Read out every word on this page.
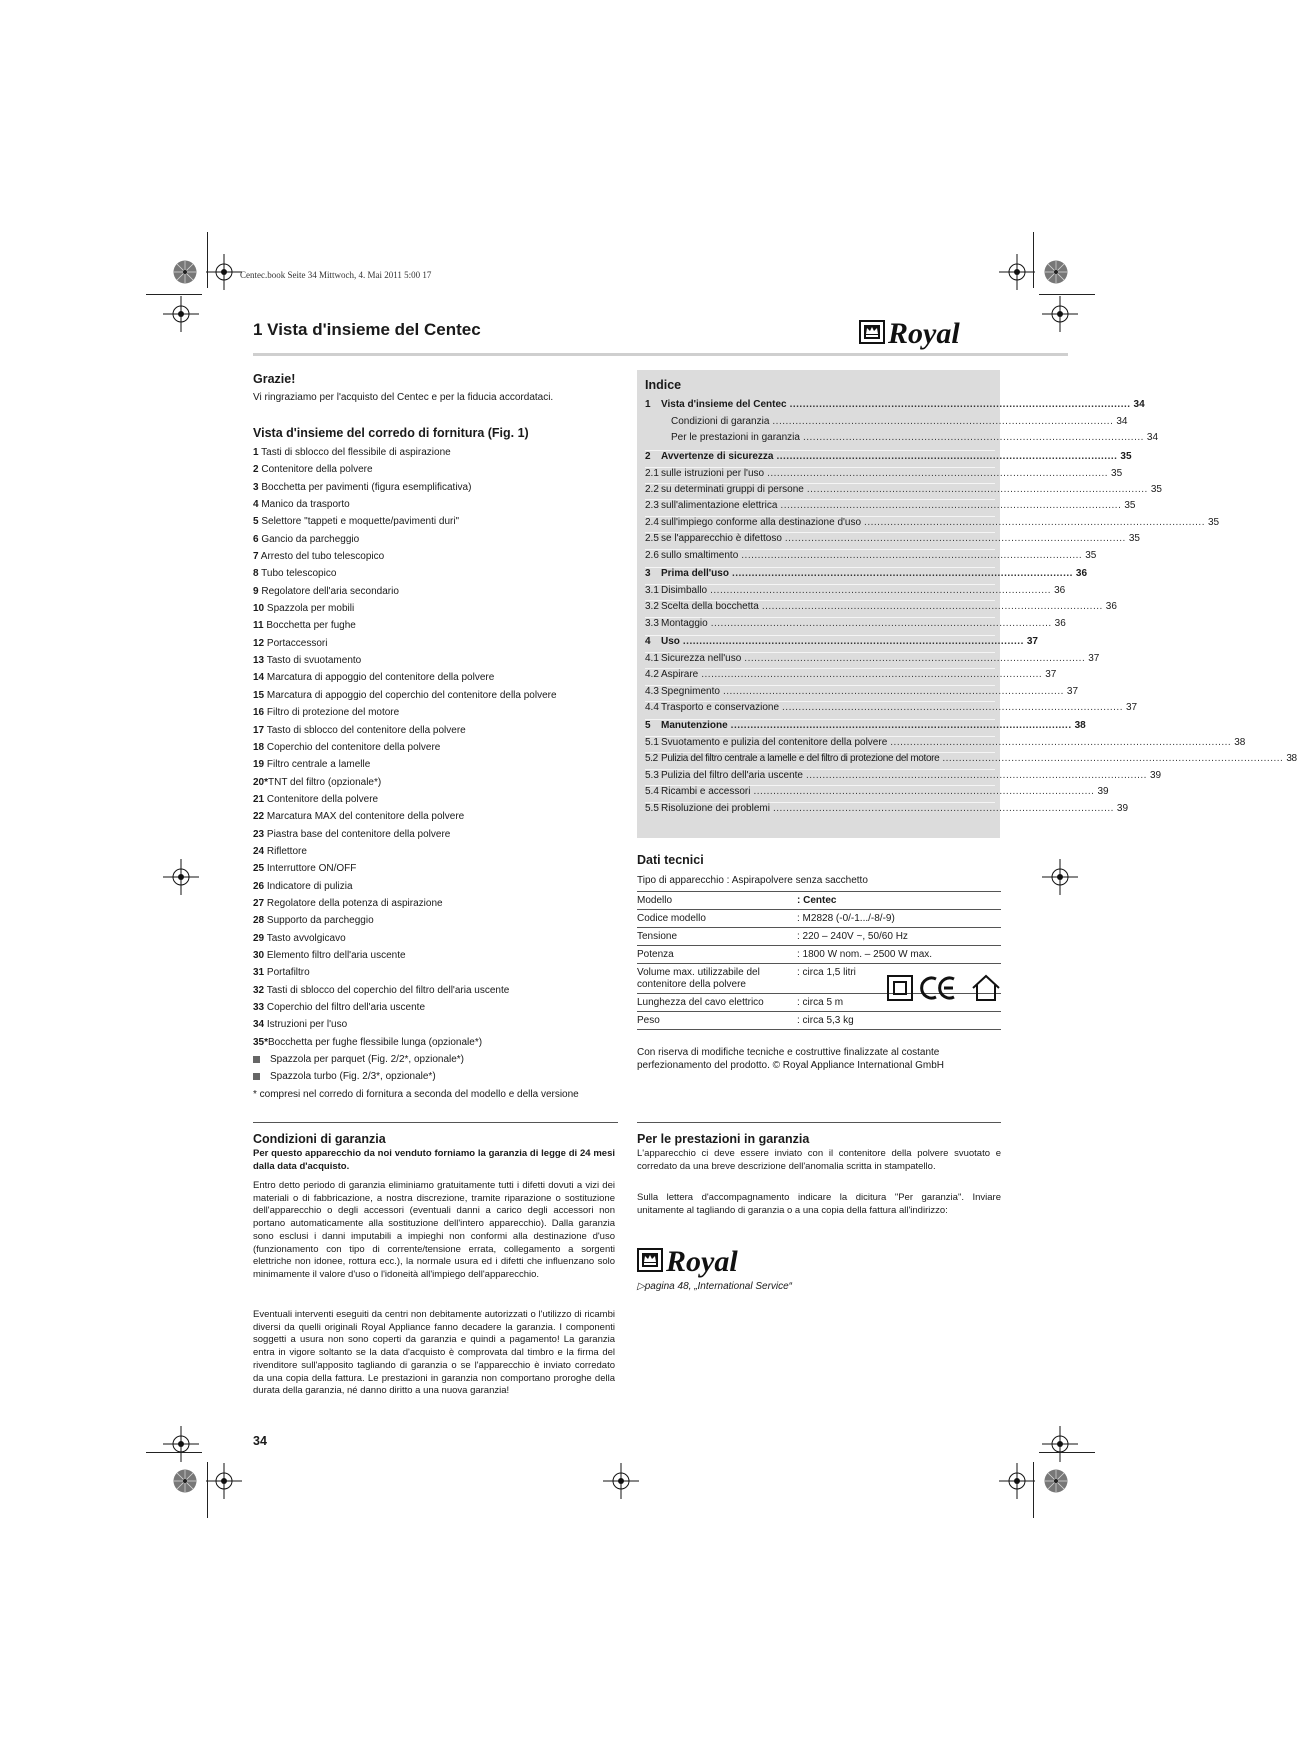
Centec.book Seite 34 Mittwoch, 4. Mai 2011 5:00 17
1 Vista d'insieme del Centec	Royal
Grazie!
Vi ringraziamo per l'acquisto del Centec e per la fiducia accordataci.
Vista d'insieme del corredo di fornitura (Fig. 1)
1 Tasti di sblocco del flessibile di aspirazione
2 Contenitore della polvere
3 Bocchetta per pavimenti (figura esemplificativa)
4 Manico da trasporto
5 Selettore "tappeti e moquette/pavimenti duri"
6 Gancio da parcheggio
7 Arresto del tubo telescopico
8 Tubo telescopico
9 Regolatore dell'aria secondario
10 Spazzola per mobili
11 Bocchetta per fughe
12 Portaccessori
13 Tasto di svuotamento
14 Marcatura di appoggio del contenitore della polvere
15 Marcatura di appoggio del coperchio del contenitore della polvere
16 Filtro di protezione del motore
17 Tasto di sblocco del contenitore della polvere
18 Coperchio del contenitore della polvere
19 Filtro centrale a lamelle
20*TNT del filtro (opzionale*)
21 Contenitore della polvere
22 Marcatura MAX del contenitore della polvere
23 Piastra base del contenitore della polvere
24 Riflettore
25 Interruttore ON/OFF
26 Indicatore di pulizia
27 Regolatore della potenza di aspirazione
28 Supporto da parcheggio
29 Tasto avvolgicavo
30 Elemento filtro dell'aria uscente
31 Portafiltro
32 Tasti di sblocco del coperchio del filtro dell'aria uscente
33 Coperchio del filtro dell'aria uscente
34 Istruzioni per l'uso
35*Bocchetta per fughe flessibile lunga (opzionale*)
Spazzola per parquet (Fig. 2/2*, opzionale*)
Spazzola turbo (Fig. 2/3*, opzionale*)
* compresi nel corredo di fornitura a seconda del modello e della versione
Indice
1	Vista d'insieme del Centec ........................................................................................................ 34
Condizioni di garanzia ........................................................................................................ 34
Per le prestazioni in garanzia ........................................................................................................ 34
2	Avvertenze di sicurezza ........................................................................................................ 35
2.1 sulle istruzioni per l'uso ........................................................................................................ 35
2.2 su determinati gruppi di persone ........................................................................................................ 35
2.3 sull'alimentazione elettrica ........................................................................................................ 35
2.4 sull'impiego conforme alla destinazione d'uso ........................................................................................................ 35
2.5 se l'apparecchio è difettoso ........................................................................................................ 35
2.6 sullo smaltimento ........................................................................................................ 35
3	Prima dell'uso ........................................................................................................ 36
3.1 Disimballo ........................................................................................................ 36
3.2 Scelta della bocchetta ........................................................................................................ 36
3.3 Montaggio ........................................................................................................ 36
4	Uso ........................................................................................................ 37
4.1 Sicurezza nell'uso ........................................................................................................ 37
4.2 Aspirare ........................................................................................................ 37
4.3 Spegnimento ........................................................................................................ 37
4.4 Trasporto e conservazione ........................................................................................................ 37
5	Manutenzione ........................................................................................................ 38
5.1 Svuotamento e pulizia del contenitore della polvere ........................................................................................................ 38
5.2 Pulizia del filtro centrale a lamelle e del filtro di protezione del motore ........................................................................................................ 38
5.3 Pulizia del filtro dell'aria uscente ........................................................................................................ 39
5.4 Ricambi e accessori ........................................................................................................ 39
5.5 Risoluzione dei problemi ........................................................................................................ 39
Dati tecnici
Tipo di apparecchio : Aspirapolvere senza sacchetto
Modello	: Centec
Codice modello	: M2828 (-0/-1.../-8/-9)
Tensione	: 220 – 240V ~, 50/60 Hz
Potenza	: 1800 W nom. – 2500 W max.
Volume max. utilizzabile del contenitore della polvere	: circa 1,5 litri
Lunghezza del cavo elettrico	: circa 5 m
Peso	: circa 5,3 kg
Con riserva di modifiche tecniche e costruttive finalizzate al costante perfezionamento del prodotto. © Royal Appliance International GmbH
Condizioni di garanzia
Per questo apparecchio da noi venduto forniamo la garanzia di legge di 24 mesi dalla data d'acquisto.
Entro detto periodo di garanzia eliminiamo gratuitamente tutti i difetti dovuti a vizi dei materiali o di fabbricazione, a nostra discrezione, tramite riparazione o sostituzione dell'apparecchio o degli accessori (eventuali danni a carico degli accessori non portano automaticamente alla sostituzione dell'intero apparecchio). Dalla garanzia sono esclusi i danni imputabili a impieghi non conformi alla destinazione d'uso (funzionamento con tipo di corrente/tensione errata, collegamento a sorgenti elettriche non idonee, rottura ecc.), la normale usura ed i difetti che influenzano solo minimamente il valore d'uso o l'idoneità all'impiego dell'apparecchio.
Eventuali interventi eseguiti da centri non debitamente autorizzati o l'utilizzo di ricambi diversi da quelli originali Royal Appliance fanno decadere la garanzia. I componenti soggetti a usura non sono coperti da garanzia e quindi a pagamento! La garanzia entra in vigore soltanto se la data d'acquisto è comprovata dal timbro e la firma del rivenditore sull'apposito tagliando di garanzia o se l'apparecchio è inviato corredato da una copia della fattura. Le prestazioni in garanzia non comportano proroghe della durata della garanzia, né danno diritto a una nuova garanzia!
Per le prestazioni in garanzia
L'apparecchio ci deve essere inviato con il contenitore della polvere svuotato e corredato da una breve descrizione dell'anomalia scritta in stampatello.
Sulla lettera d'accompagnamento indicare la dicitura "Per garanzia". Inviare unitamente al tagliando di garanzia o a una copia della fattura all'indirizzo:
Royal
▷pagina 48, „International Service“
34
